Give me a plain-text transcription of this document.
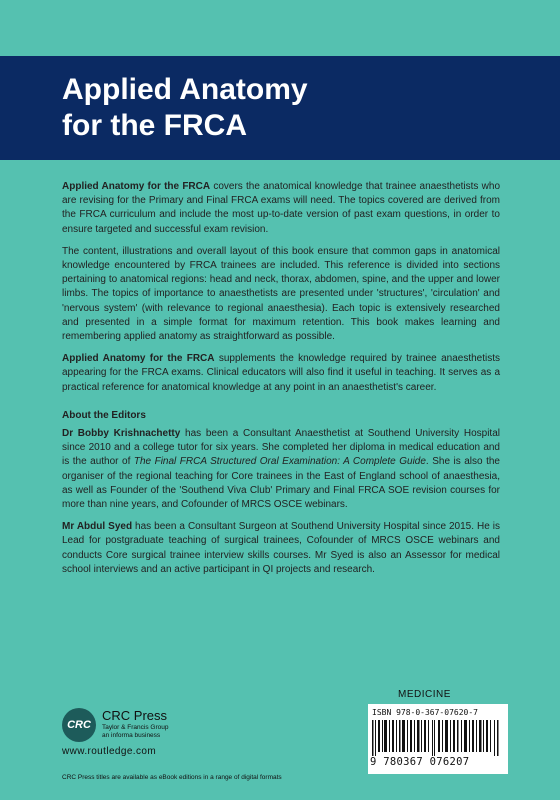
Applied Anatomy
for the FRCA

Applied Anatomy for the FRCA covers the anatomical knowledge that trainee anaesthetists who are revising for the Primary and Final FRCA exams will need. The topics covered are derived from the FRCA curriculum and include the most up-to-date version of past exam questions, in order to ensure targeted and successful exam revision.

The content, illustrations and overall layout of this book ensure that common gaps in anatomical knowledge encountered by FRCA trainees are included. This reference is divided into sections pertaining to anatomical regions: head and neck, thorax, abdomen, spine, and the upper and lower limbs. The topics of importance to anaesthetists are presented under 'structures', 'circulation' and 'nervous system' (with relevance to regional anaesthesia). Each topic is extensively researched and presented in a simple format for maximum retention. This book makes learning and remembering applied anatomy as straightforward as possible.

Applied Anatomy for the FRCA supplements the knowledge required by trainee anaesthetists appearing for the FRCA exams. Clinical educators will also find it useful in teaching. It serves as a practical reference for anatomical knowledge at any point in an anaesthetist's career.

About the Editors

Dr Bobby Krishnachetty has been a Consultant Anaesthetist at Southend University Hospital since 2010 and a college tutor for six years. She completed her diploma in medical education and is the author of The Final FRCA Structured Oral Examination: A Complete Guide. She is also the organiser of the regional teaching for Core trainees in the East of England school of anaesthesia, as well as Founder of the 'Southend Viva Club' Primary and Final FRCA SOE revision courses for more than nine years, and Cofounder of MRCS OSCE webinars.

Mr Abdul Syed has been a Consultant Surgeon at Southend University Hospital since 2015. He is Lead for postgraduate teaching of surgical trainees, Cofounder of MRCS OSCE webinars and conducts Core surgical trainee interview skills courses. Mr Syed is also an Assessor for medical school interviews and an active participant in QI projects and research.

CRC
CRC Press
Taylor & Francis Group
an informa business
www.routledge.com
CRC Press titles are available as eBook editions in a range of digital formats
MEDICINE
ISBN 978-0-367-07620-7
9 780367 076207
